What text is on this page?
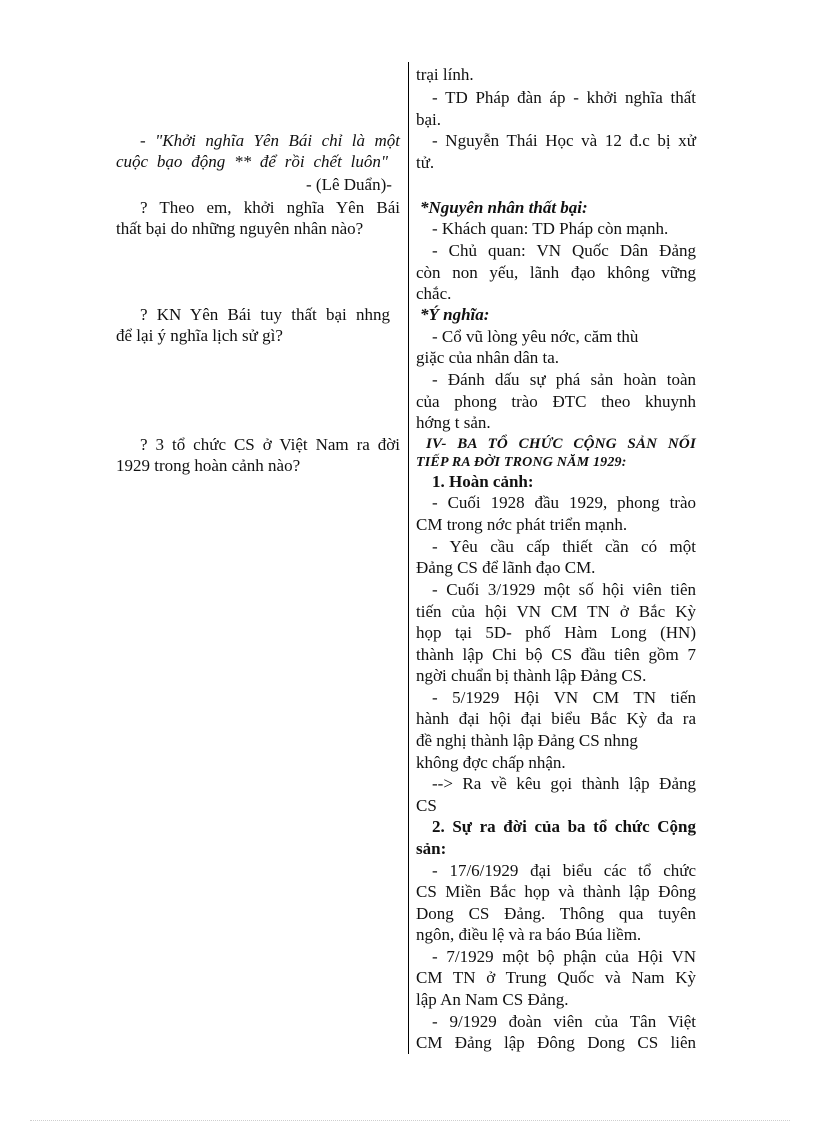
- "Khởi nghĩa Yên Bái chỉ là một
cuộc bạo động ** để rồi chết luôn"
- (Lê Duẩn)-
? Theo em, khởi nghĩa Yên Bái
thất bại do những nguyên nhân nào?
? KN Yên Bái tuy thất bại nhng
để lại ý nghĩa lịch sử gì?
? 3 tổ chức CS ở Việt Nam ra đời
1929 trong hoàn cảnh nào?
trại lính.
- TD Pháp đàn áp - khởi nghĩa thất
bại.
- Nguyễn Thái Học và 12 đ.c bị xử
tử.
*Nguyên nhân thất bại:
- Khách quan: TD Pháp còn mạnh.
- Chủ quan: VN Quốc Dân Đảng
còn non yếu, lãnh đạo không vững
chắc.
*Ý nghĩa:
- Cổ vũ lòng yêu nớc, căm thù
giặc của nhân dân ta.
- Đánh dấu sự phá sản hoàn toàn
của phong trào ĐTC theo khuynh
hớng t sản.
IV- BA TỔ CHỨC CỘNG SẢN NỐI
TIẾP RA ĐỜI TRONG NĂM 1929:
1. Hoàn cảnh:
- Cuối 1928 đầu 1929, phong trào
CM trong nớc phát triển mạnh.
- Yêu cầu cấp thiết cần có một
Đảng CS để lãnh đạo CM.
- Cuối 3/1929 một số hội viên tiên
tiến của hội VN CM TN ở Bắc Kỳ
họp tại 5D- phố Hàm Long (HN)
thành lập Chi bộ CS đầu tiên gồm 7
ngời chuẩn bị thành lập Đảng CS.
- 5/1929 Hội VN CM TN tiến
hành đại hội đại biểu Bắc Kỳ đa ra
đề nghị thành lập Đảng CS nhng
không đợc chấp nhận.
--> Ra về kêu gọi thành lập Đảng
CS
2. Sự ra đời của ba tổ chức Cộng
sản:
- 17/6/1929 đại biểu các tổ chức
CS Miền Bắc họp và thành lập Đông
Dong CS Đảng. Thông qua tuyên
ngôn, điều lệ và ra báo Búa liềm.
- 7/1929 một bộ phận của Hội VN
CM TN ở Trung Quốc và Nam Kỳ
lập An Nam CS Đảng.
- 9/1929 đoàn viên của Tân Việt
CM Đảng lập Đông Dong CS liên
